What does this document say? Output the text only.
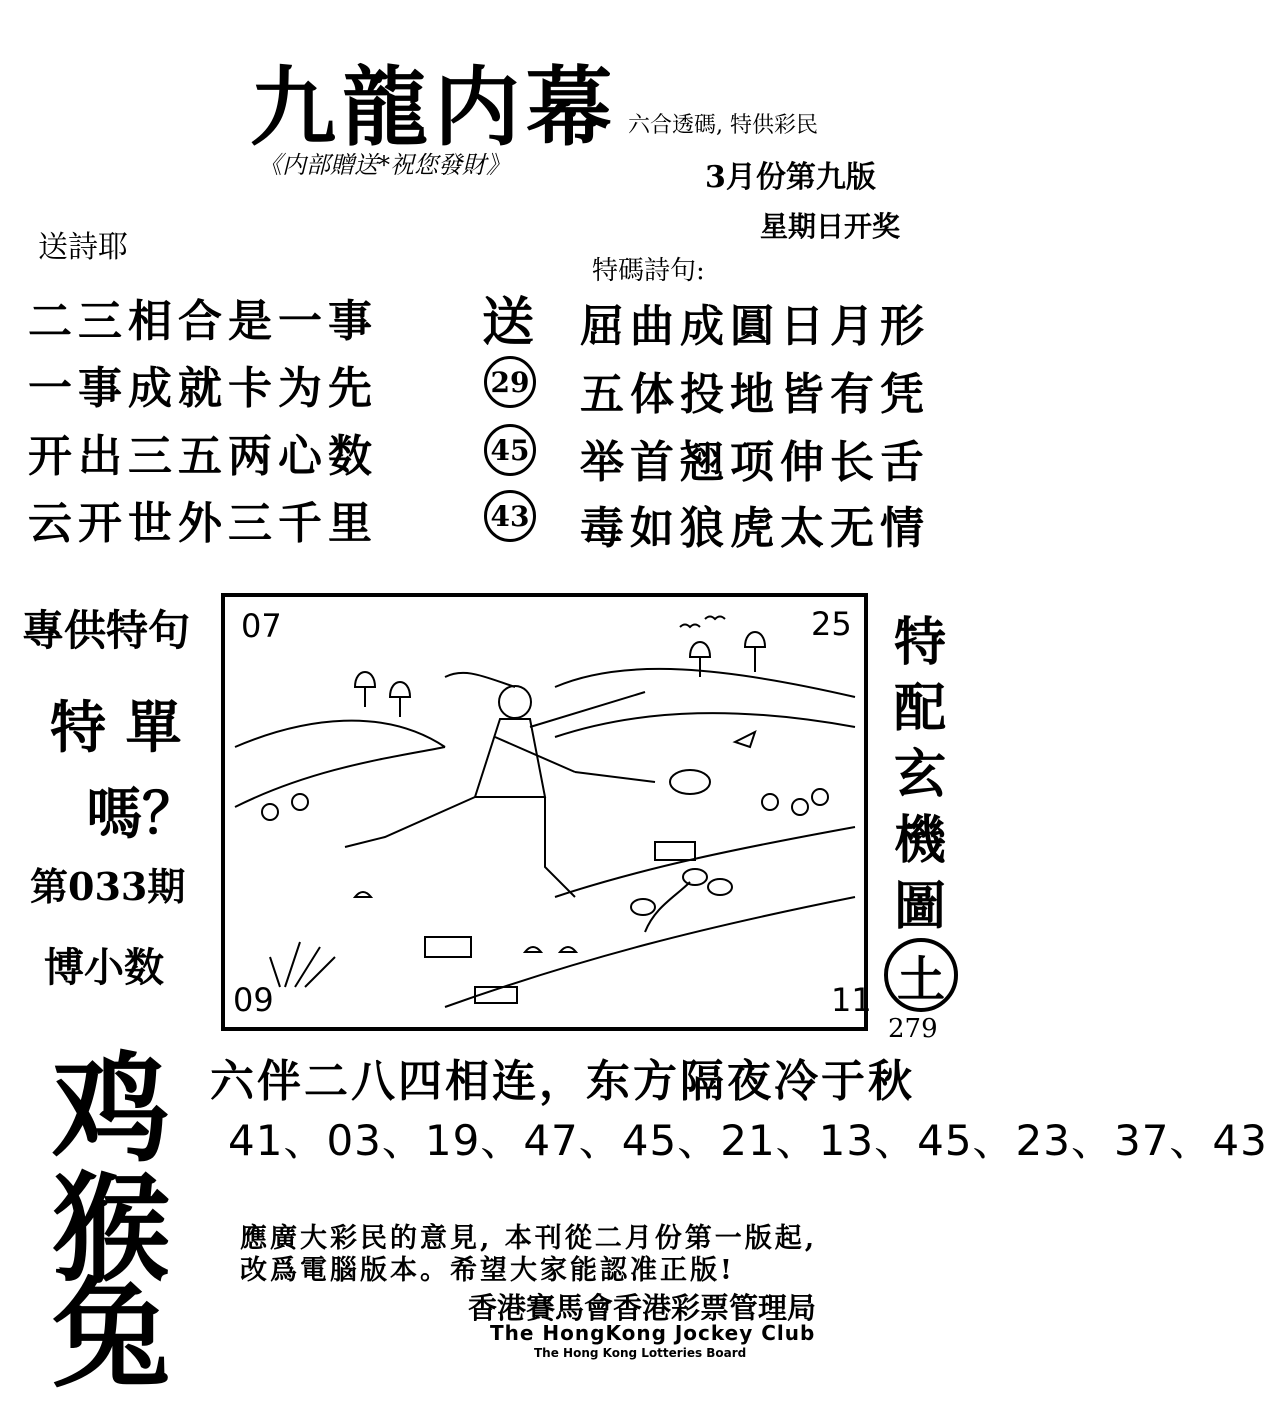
九龍内幕
《内部贈送*祝您發財》
六合透碼, 特供彩民
3月份第九版
星期日开奖
送詩耶
二三相合是一事
一事成就卡为先
开出三五两心数
云开世外三千里
特碼詩句:
送
29
45
43
屈曲成圓日月形
五体投地皆有凭
举首翘项伸长舌
毒如狼虎太无情
專供特句
特 單
嗎？
第033期
博小数
07	25
09	11
特
配
玄
機
圖
土
279
六伴二八四相连，东方隔夜冷于秋
41、03、19、47、45、21、13、45、23、37、43
鸡
猴
兔
應廣大彩民的意見, 本刊從二月份第一版起,
改爲電腦版本。希望大家能認准正版!
香港賽馬會香港彩票管理局
The HongKong Jockey Club
The Hong Kong Lotteries Board
